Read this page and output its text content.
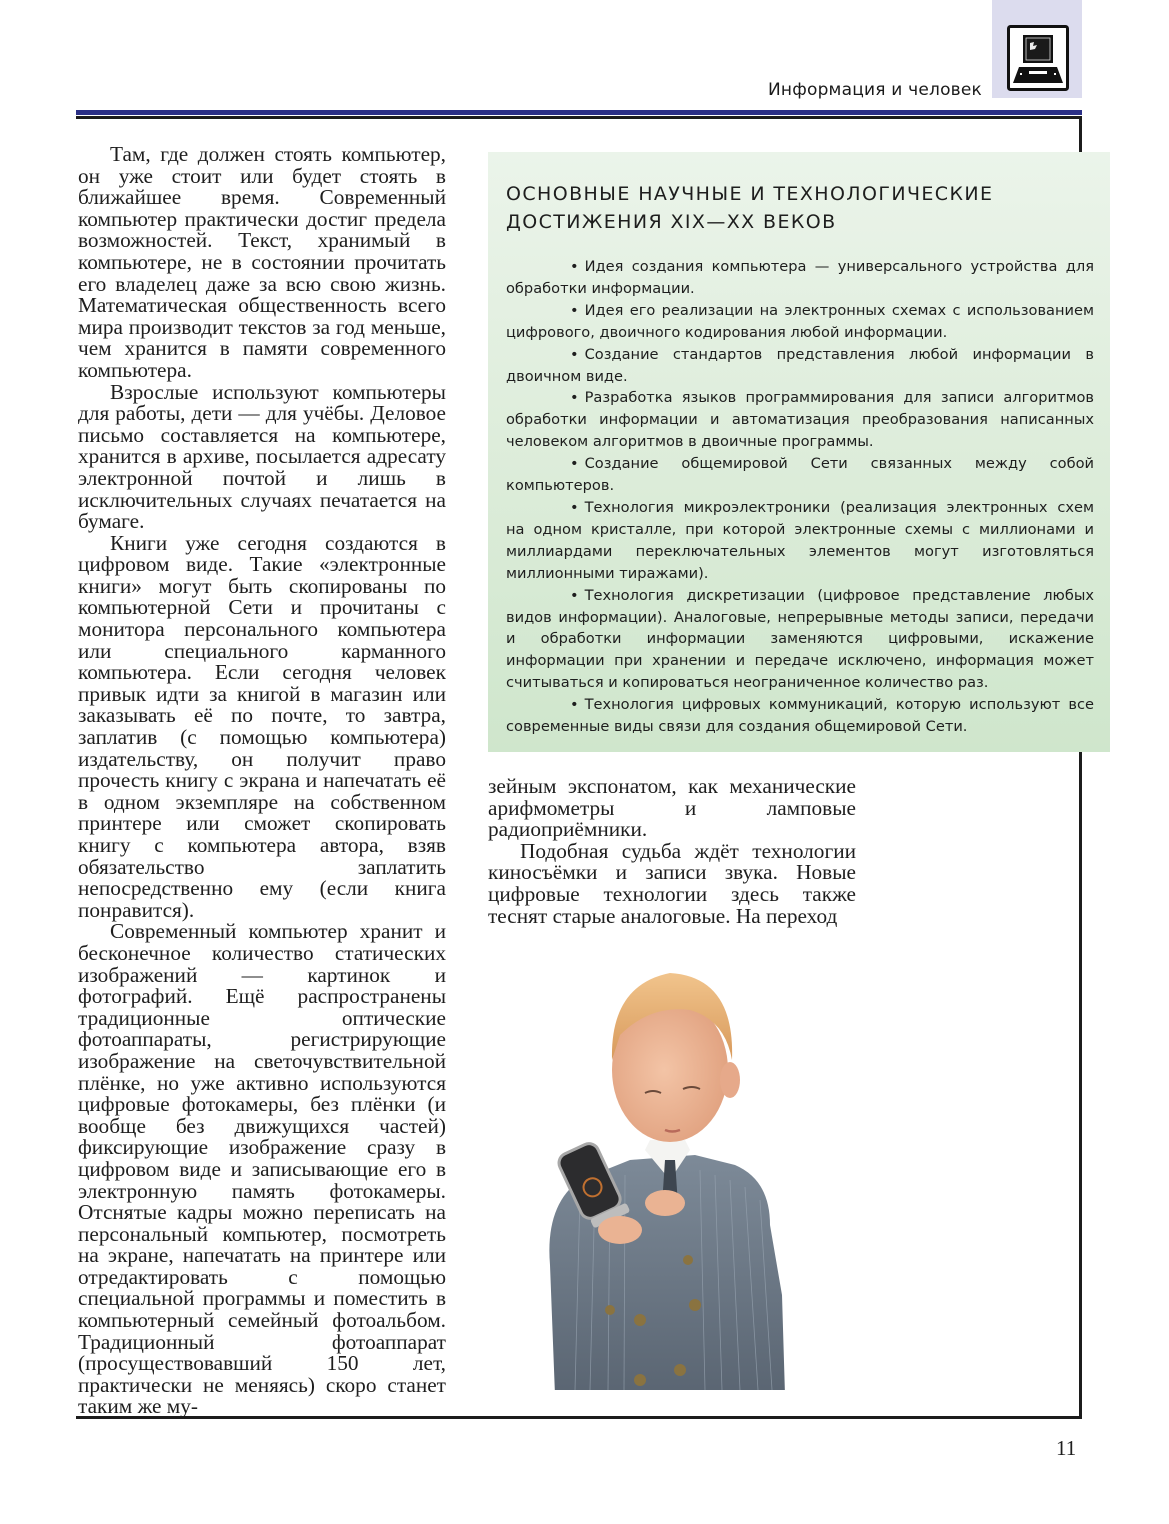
Информация и человек

Там, где должен стоять компьютер, он уже стоит или будет стоять в ближайшее время. Современный компьютер практически достиг предела возможностей. Текст, хранимый в компьютере, не в состоянии прочитать его владелец даже за всю свою жизнь. Математическая общественность всего мира производит текстов за год меньше, чем хранится в памяти современного компьютера.

Взрослые используют компьютеры для работы, дети — для учёбы. Деловое письмо составляется на компьютере, хранится в архиве, посылается адресату электронной почтой и лишь в исключительных случаях печатается на бумаге.

Книги уже сегодня создаются в цифровом виде. Такие «электронные книги» могут быть скопированы по компьютерной Сети и прочитаны с монитора персонального компьютера или специального карманного компьютера. Если сегодня человек привык идти за книгой в магазин или заказывать её по почте, то завтра, заплатив (с помощью компьютера) издательству, он получит право прочесть книгу с экрана и напечатать её в одном экземпляре на собственном принтере или сможет скопировать книгу с компьютера автора, взяв обязательство заплатить непосредственно ему (если книга понравится).

Современный компьютер хранит и бесконечное количество статических изображений — картинок и фотографий. Ещё распространены традиционные оптические фотоаппараты, регистрирующие изображение на светочувствительной плёнке, но уже активно используются цифровые фотокамеры, без плёнки (и вообще без движущихся частей) фиксирующие изображение сразу в цифровом виде и записывающие его в электронную память фотокамеры. Отснятые кадры можно переписать на персональный компьютер, посмотреть на экране, напечатать на принтере или отредактировать с помощью специальной программы и поместить в компьютерный семейный фотоальбом. Традиционный фотоаппарат (просуществовавший 150 лет, практически не меняясь) скоро станет таким же му-

ОСНОВНЫЕ НАУЧНЫЕ И ТЕХНОЛОГИЧЕСКИЕ ДОСТИЖЕНИЯ XIX—XX ВЕКОВ

• Идея создания компьютера — универсального устройства для обработки информации.

• Идея его реализации на электронных схемах с использованием цифрового, двоичного кодирования любой информации.

• Создание стандартов представления любой информации в двоичном виде.

• Разработка языков программирования для записи алгоритмов обработки информации и автоматизация преобразования написанных человеком алгоритмов в двоичные программы.

• Создание общемировой Сети связанных между собой компьютеров.

• Технология микроэлектроники (реализация электронных схем на одном кристалле, при которой электронные схемы с миллионами и миллиардами переключательных элементов могут изготовляться миллионными тиражами).

• Технология дискретизации (цифровое представление любых видов информации). Аналоговые, непрерывные методы записи, передачи и обработки информации заменяются цифровыми, искажение информации при хранении и передаче исключено, информация может считываться и копироваться неограниченное количество раз.

• Технология цифровых коммуникаций, которую используют все современные виды связи для создания общемировой Сети.

зейным экспонатом, как механические арифмометры и ламповые радиоприёмники.

Подобная судьба ждёт технологии киносъёмки и записи звука. Новые цифровые технологии здесь также теснят старые аналоговые. На переход

11
